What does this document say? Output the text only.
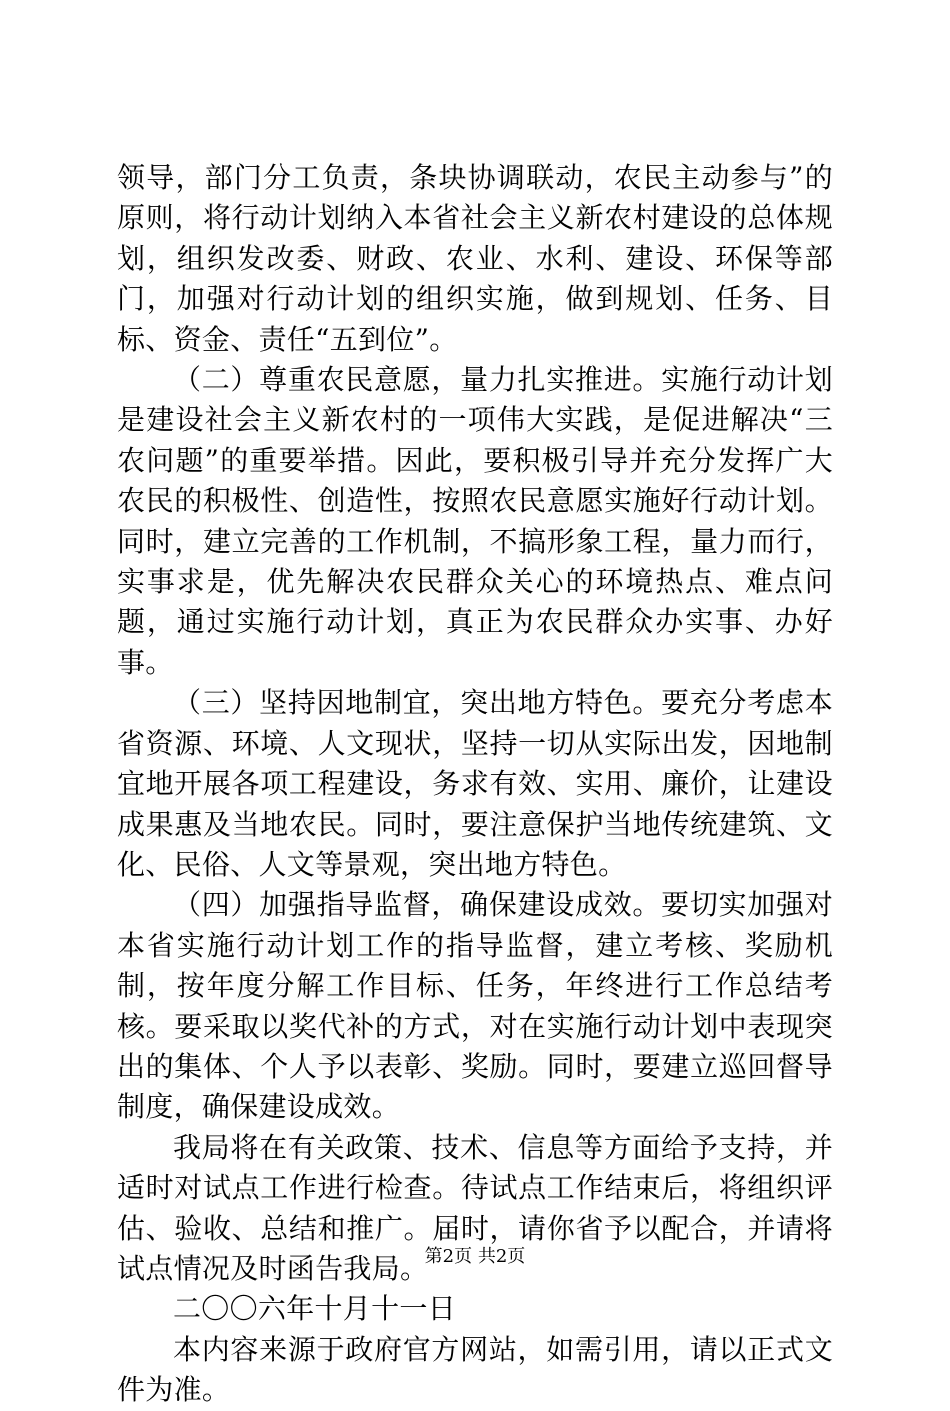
领导，部门分工负责，条块协调联动，农民主动参与”的原则，将行动计划纳入本省社会主义新农村建设的总体规划，组织发改委、财政、农业、水利、建设、环保等部门，加强对行动计划的组织实施，做到规划、任务、目标、资金、责任“五到位”。

（二）尊重农民意愿，量力扎实推进。实施行动计划是建设社会主义新农村的一项伟大实践，是促进解决“三农问题”的重要举措。因此，要积极引导并充分发挥广大农民的积极性、创造性，按照农民意愿实施好行动计划。同时，建立完善的工作机制，不搞形象工程，量力而行，实事求是，优先解决农民群众关心的环境热点、难点问题，通过实施行动计划，真正为农民群众办实事、办好事。

（三）坚持因地制宜，突出地方特色。要充分考虑本省资源、环境、人文现状，坚持一切从实际出发，因地制宜地开展各项工程建设，务求有效、实用、廉价，让建设成果惠及当地农民。同时，要注意保护当地传统建筑、文化、民俗、人文等景观，突出地方特色。

（四）加强指导监督，确保建设成效。要切实加强对本省实施行动计划工作的指导监督，建立考核、奖励机制，按年度分解工作目标、任务，年终进行工作总结考核。要采取以奖代补的方式，对在实施行动计划中表现突出的集体、个人予以表彰、奖励。同时，要建立巡回督导制度，确保建设成效。

我局将在有关政策、技术、信息等方面给予支持，并适时对试点工作进行检查。待试点工作结束后，将组织评估、验收、总结和推广。届时，请你省予以配合，并请将试点情况及时函告我局。

二〇〇六年十月十一日

本内容来源于政府官方网站，如需引用，请以正式文件为准。

第2页 共2页
